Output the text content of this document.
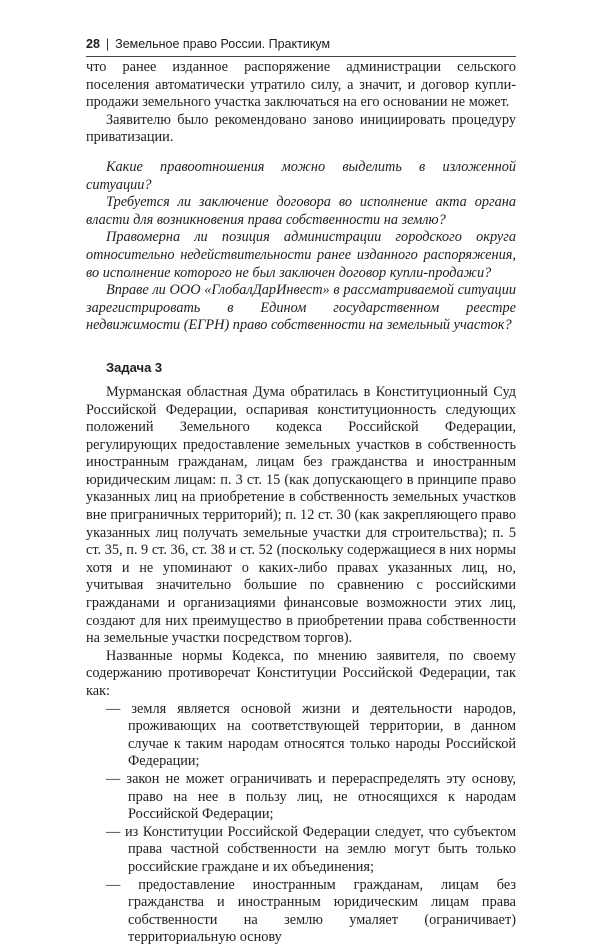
28 | Земельное право России. Практикум

что ранее изданное распоряжение администрации сельского поселения автоматически утратило силу, а значит, и договор купли-продажи земельного участка заключаться на его основании не может.

Заявителю было рекомендовано заново инициировать процедуру приватизации.

Какие правоотношения можно выделить в изложенной ситуации?

Требуется ли заключение договора во исполнение акта органа власти для возникновения права собственности на землю?

Правомерна ли позиция администрации городского округа относительно недействительности ранее изданного распоряжения, во исполнение которого не был заключен договор купли-продажи?

Вправе ли ООО «ГлобалДарИнвест» в рассматриваемой ситуации зарегистрировать в Едином государственном реестре недвижимости (ЕГРН) право собственности на земельный участок?

Задача 3

Мурманская областная Дума обратилась в Конституционный Суд Российской Федерации, оспаривая конституционность следующих положений Земельного кодекса Российской Федерации, регулирующих предоставление земельных участков в собственность иностранным гражданам, лицам без гражданства и иностранным юридическим лицам: п. 3 ст. 15 (как допускающего в принципе право указанных лиц на приобретение в собственность земельных участков вне приграничных территорий); п. 12 ст. 30 (как закрепляющего право указанных лиц получать земельные участки для строительства); п. 5 ст. 35, п. 9 ст. 36, ст. 38 и ст. 52 (поскольку содержащиеся в них нормы хотя и не упоминают о каких-либо правах указанных лиц, но, учитывая значительно большие по сравнению с российскими гражданами и организациями финансовые возможности этих лиц, создают для них преимущество в приобретении права собственности на земельные участки посредством торгов).

Названные нормы Кодекса, по мнению заявителя, по своему содержанию противоречат Конституции Российской Федерации, так как:

— земля является основой жизни и деятельности народов, проживающих на соответствующей территории, в данном случае к таким народам относятся только народы Российской Федерации;

— закон не может ограничивать и перераспределять эту основу, право на нее в пользу лиц, не относящихся к народам Российской Федерации;

— из Конституции Российской Федерации следует, что субъектом права частной собственности на землю могут быть только российские граждане и их объединения;

— предоставление иностранным гражданам, лицам без гражданства и иностранным юридическим лицам права собственности на землю умаляет (ограничивает) территориальную основу
